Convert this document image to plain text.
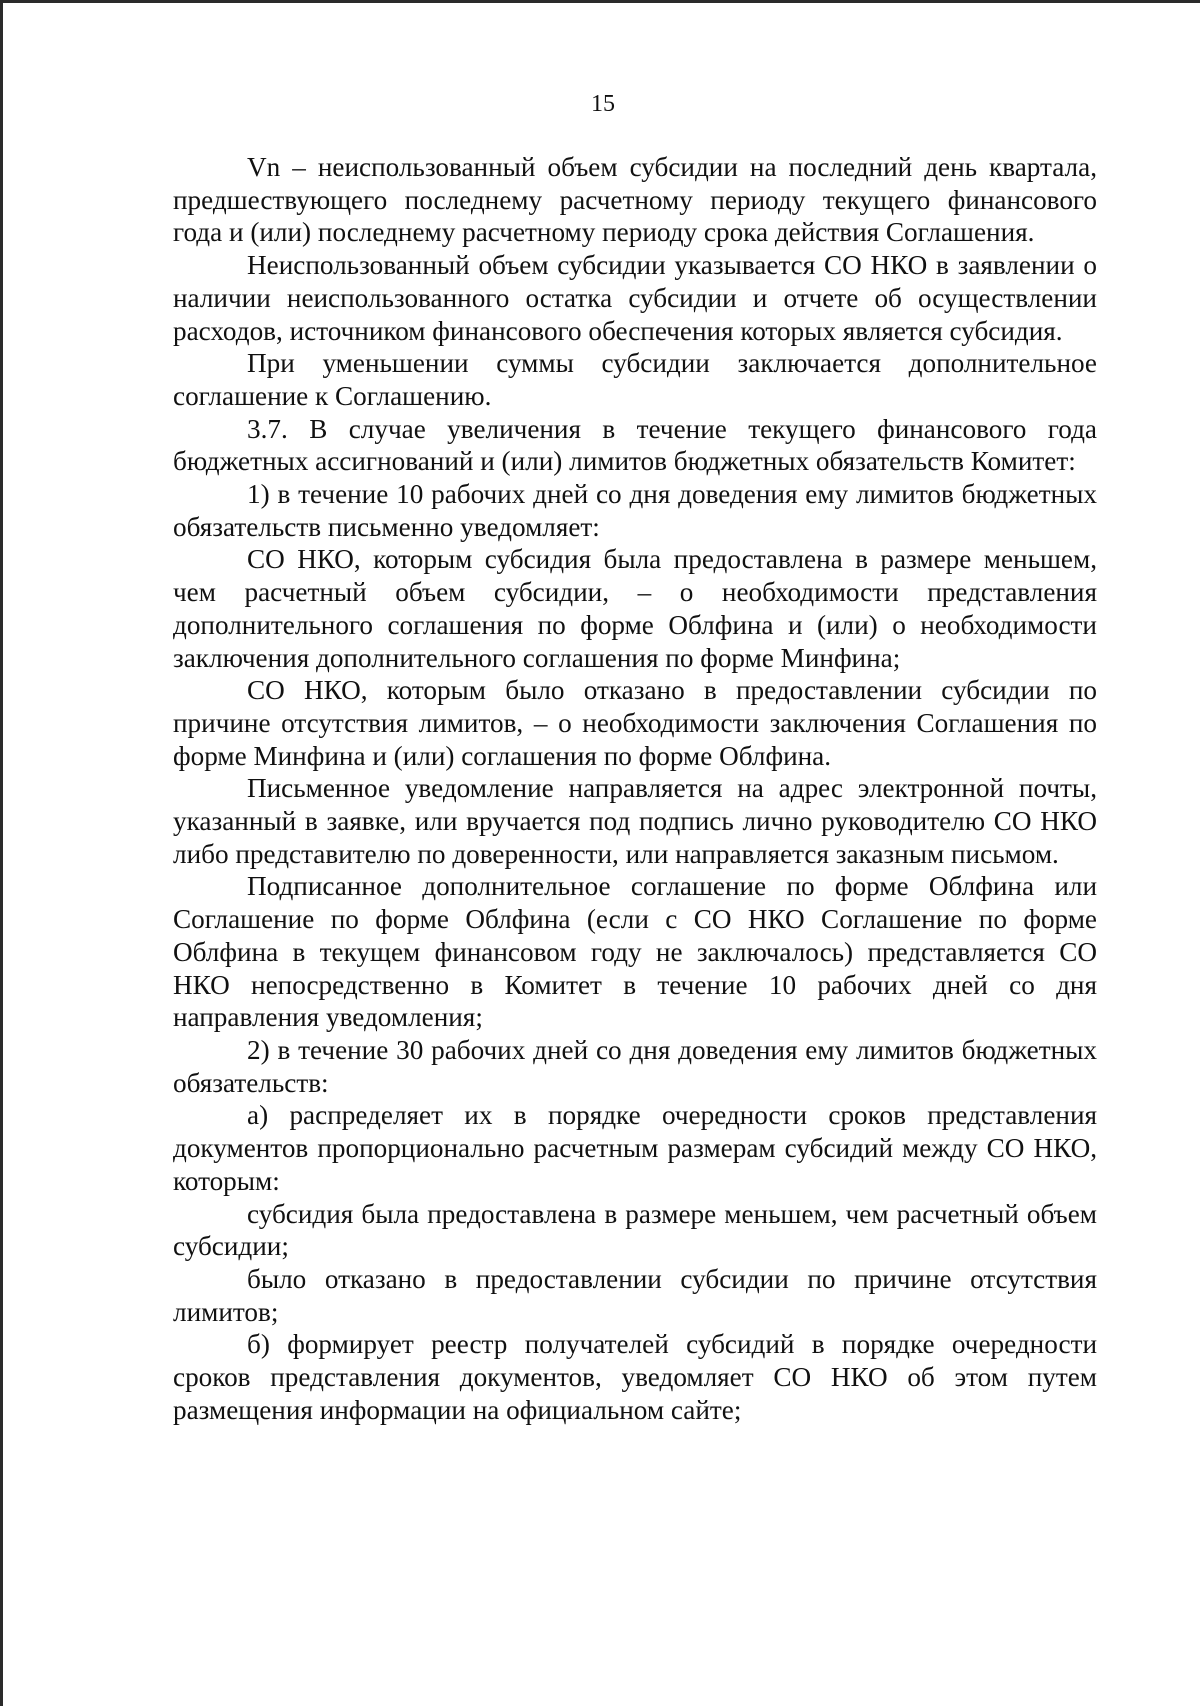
15

Vn – неиспользованный объем субсидии на последний день квартала, предшествующего последнему расчетному периоду текущего финансового года и (или) последнему расчетному периоду срока действия Соглашения.

Неиспользованный объем субсидии указывается СО НКО в заявлении о наличии неиспользованного остатка субсидии и отчете об осуществлении расходов, источником финансового обеспечения которых является субсидия.

При уменьшении суммы субсидии заключается дополнительное соглашение к Соглашению.

3.7. В случае увеличения в течение текущего финансового года бюджетных ассигнований и (или) лимитов бюджетных обязательств Комитет:

1) в течение 10 рабочих дней со дня доведения ему лимитов бюджетных обязательств письменно уведомляет:

СО НКО, которым субсидия была предоставлена в размере меньшем, чем расчетный объем субсидии, – о необходимости представления дополнительного соглашения по форме Облфина и (или) о необходимости заключения дополнительного соглашения по форме Минфина;

СО НКО, которым было отказано в предоставлении субсидии по причине отсутствия лимитов, – о необходимости заключения Соглашения по форме Минфина и (или) соглашения по форме Облфина.

Письменное уведомление направляется на адрес электронной почты, указанный в заявке, или вручается под подпись лично руководителю СО НКО либо представителю по доверенности, или направляется заказным письмом.

Подписанное дополнительное соглашение по форме Облфина или Соглашение по форме Облфина (если с СО НКО Соглашение по форме Облфина в текущем финансовом году не заключалось) представляется СО НКО непосредственно в Комитет в течение 10 рабочих дней со дня направления уведомления;

2) в течение 30 рабочих дней со дня доведения ему лимитов бюджетных обязательств:

а) распределяет их в порядке очередности сроков представления документов пропорционально расчетным размерам субсидий между СО НКО, которым:

субсидия была предоставлена в размере меньшем, чем расчетный объем субсидии;

было отказано в предоставлении субсидии по причине отсутствия лимитов;

б) формирует реестр получателей субсидий в порядке очередности сроков представления документов, уведомляет СО НКО об этом путем размещения информации на официальном сайте;
